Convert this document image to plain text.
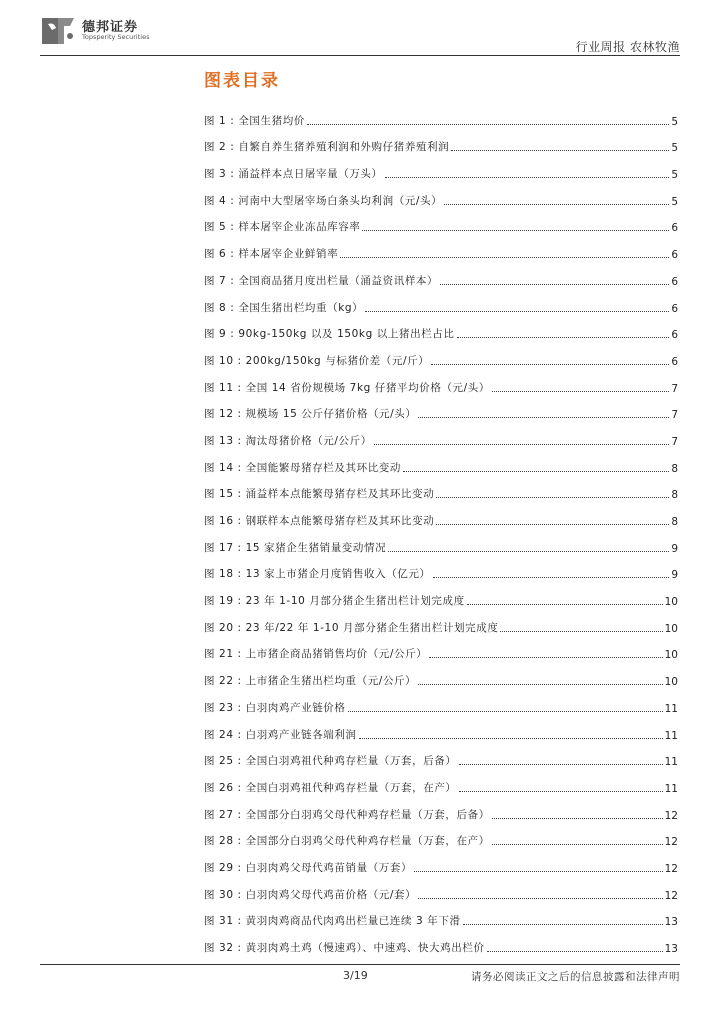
德邦证券
Topsperity Securities
行业周报 农林牧渔
图表目录
图 1 : 全国生猪均价	5
图 2 : 自繁自养生猪养殖利润和外购仔猪养殖利润	5
图 3 : 涌益样本点日屠宰量（万头）	5
图 4 : 河南中大型屠宰场白条头均利润（元/头）	5
图 5 : 样本屠宰企业冻品库容率	6
图 6 : 样本屠宰企业鲜销率	6
图 7 : 全国商品猪月度出栏量（涌益资讯样本）	6
图 8 : 全国生猪出栏均重（kg）	6
图 9 : 90kg-150kg 以及 150kg 以上猪出栏占比	6
图 10 : 200kg/150kg 与标猪价差（元/斤）	6
图 11 : 全国 14 省份规模场 7kg 仔猪平均价格（元/头）	7
图 12 : 规模场 15 公斤仔猪价格（元/头）	7
图 13 : 淘汰母猪价格（元/公斤）	7
图 14 : 全国能繁母猪存栏及其环比变动	8
图 15 : 涌益样本点能繁母猪存栏及其环比变动	8
图 16 : 钢联样本点能繁母猪存栏及其环比变动	8
图 17 : 15 家猪企生猪销量变动情况	9
图 18 : 13 家上市猪企月度销售收入（亿元）	9
图 19 : 23 年 1-10 月部分猪企生猪出栏计划完成度	10
图 20 : 23 年/22 年 1-10 月部分猪企生猪出栏计划完成度	10
图 21 : 上市猪企商品猪销售均价（元/公斤）	10
图 22 : 上市猪企生猪出栏均重（元/公斤）	10
图 23 : 白羽肉鸡产业链价格	11
图 24 : 白羽鸡产业链各端利润	11
图 25 : 全国白羽鸡祖代种鸡存栏量（万套，后备）	11
图 26 : 全国白羽鸡祖代种鸡存栏量（万套，在产）	11
图 27 : 全国部分白羽鸡父母代种鸡存栏量（万套，后备）	12
图 28 : 全国部分白羽鸡父母代种鸡存栏量（万套，在产）	12
图 29 : 白羽肉鸡父母代鸡苗销量（万套）	12
图 30 : 白羽肉鸡父母代鸡苗价格（元/套）	12
图 31 : 黄羽肉鸡商品代肉鸡出栏量已连续 3 年下滑	13
图 32 : 黄羽肉鸡土鸡（慢速鸡）、中速鸡、快大鸡出栏价	13
3/19	请务必阅读正文之后的信息披露和法律声明
